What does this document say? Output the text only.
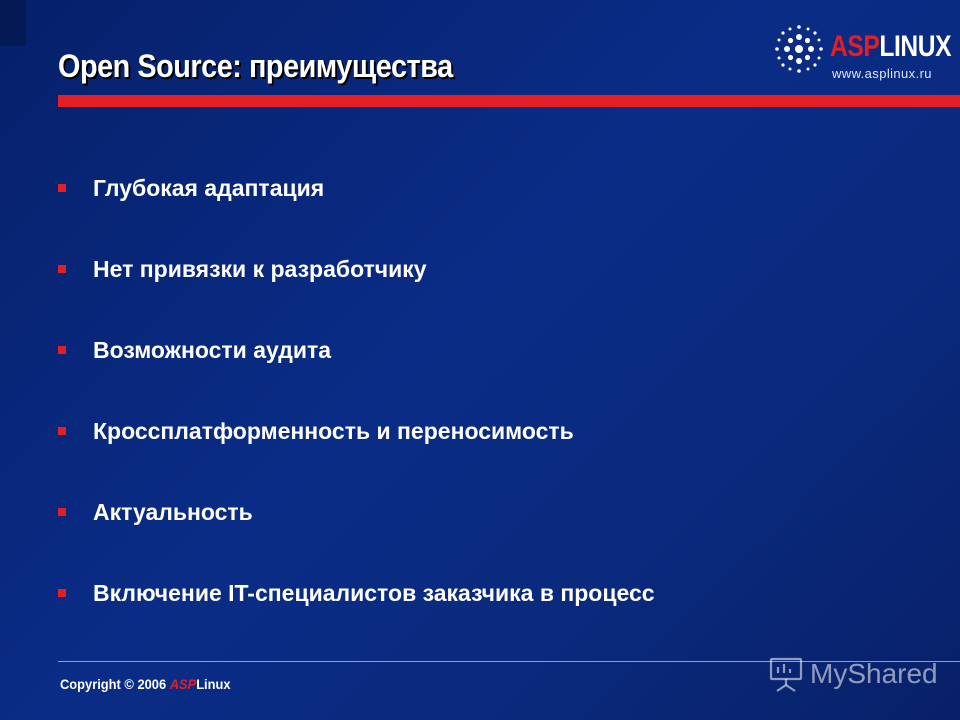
Open Source: преимущества
ASPLINUX
www.asplinux.ru
Глубокая адаптация
Нет привязки к разработчику
Возможности аудита
Кроссплатформенность и переносимость
Актуальность
Включение IT-специалистов заказчика в процесс
Copyright © 2006 ASPLinux	MyShared
